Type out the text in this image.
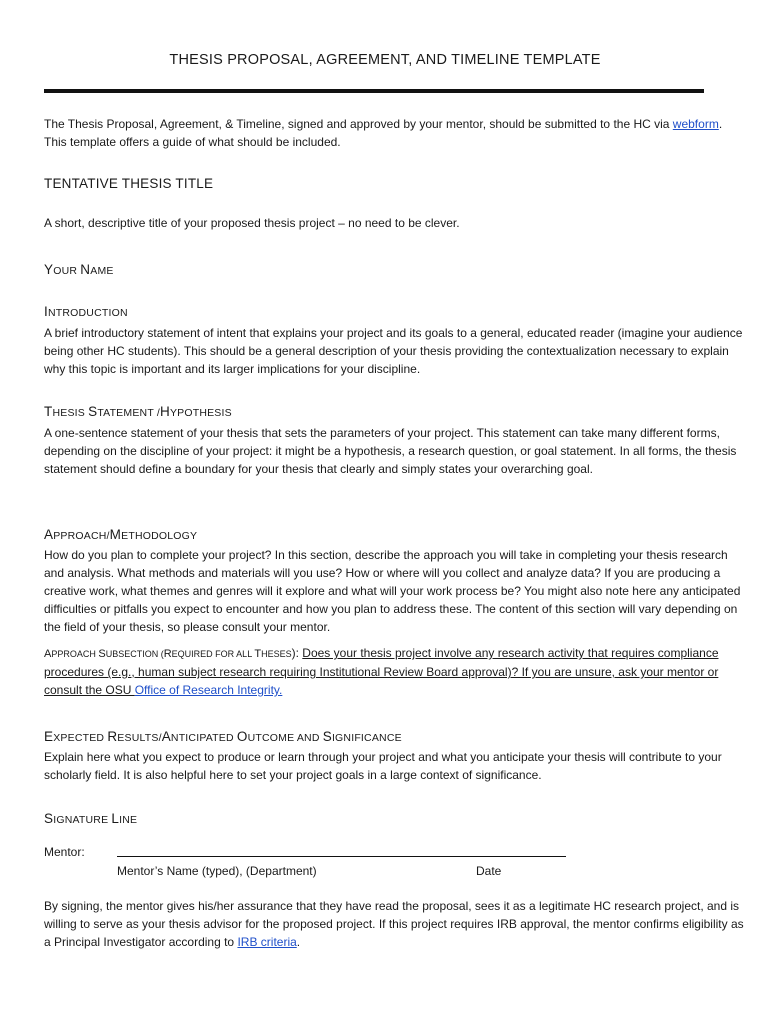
THESIS PROPOSAL, AGREEMENT, AND TIMELINE TEMPLATE
The Thesis Proposal, Agreement, & Timeline, signed and approved by your mentor, should be submitted to the HC via webform. This template offers a guide of what should be included.
TENTATIVE THESIS TITLE
A short, descriptive title of your proposed thesis project – no need to be clever.
YOUR NAME
INTRODUCTION
A brief introductory statement of intent that explains your project and its goals to a general, educated reader (imagine your audience being other HC students). This should be a general description of your thesis providing the contextualization necessary to explain why this topic is important and its larger implications for your discipline.
THESIS STATEMENT /HYPOTHESIS
A one-sentence statement of your thesis that sets the parameters of your project. This statement can take many different forms, depending on the discipline of your project: it might be a hypothesis, a research question, or goal statement. In all forms, the thesis statement should define a boundary for your thesis that clearly and simply states your overarching goal.
APPROACH/METHODOLOGY
How do you plan to complete your project? In this section, describe the approach you will take in completing your thesis research and analysis. What methods and materials will you use? How or where will you collect and analyze data? If you are producing a creative work, what themes and genres will it explore and what will your work process be? You might also note here any anticipated difficulties or pitfalls you expect to encounter and how you plan to address these. The content of this section will vary depending on the field of your thesis, so please consult your mentor.
APPROACH SUBSECTION (REQUIRED FOR ALL THESES): Does your thesis project involve any research activity that requires compliance procedures (e.g., human subject research requiring Institutional Review Board approval)? If you are unsure, ask your mentor or consult the OSU Office of Research Integrity.
EXPECTED RESULTS/ANTICIPATED OUTCOME AND SIGNIFICANCE
Explain here what you expect to produce or learn through your project and what you anticipate your thesis will contribute to your scholarly field. It is also helpful here to set your project goals in a large context of significance.
SIGNATURE LINE
Mentor:
Mentor’s Name (typed), (Department)	Date
By signing, the mentor gives his/her assurance that they have read the proposal, sees it as a legitimate HC research project, and is willing to serve as your thesis advisor for the proposed project. If this project requires IRB approval, the mentor confirms eligibility as a Principal Investigator according to IRB criteria.
